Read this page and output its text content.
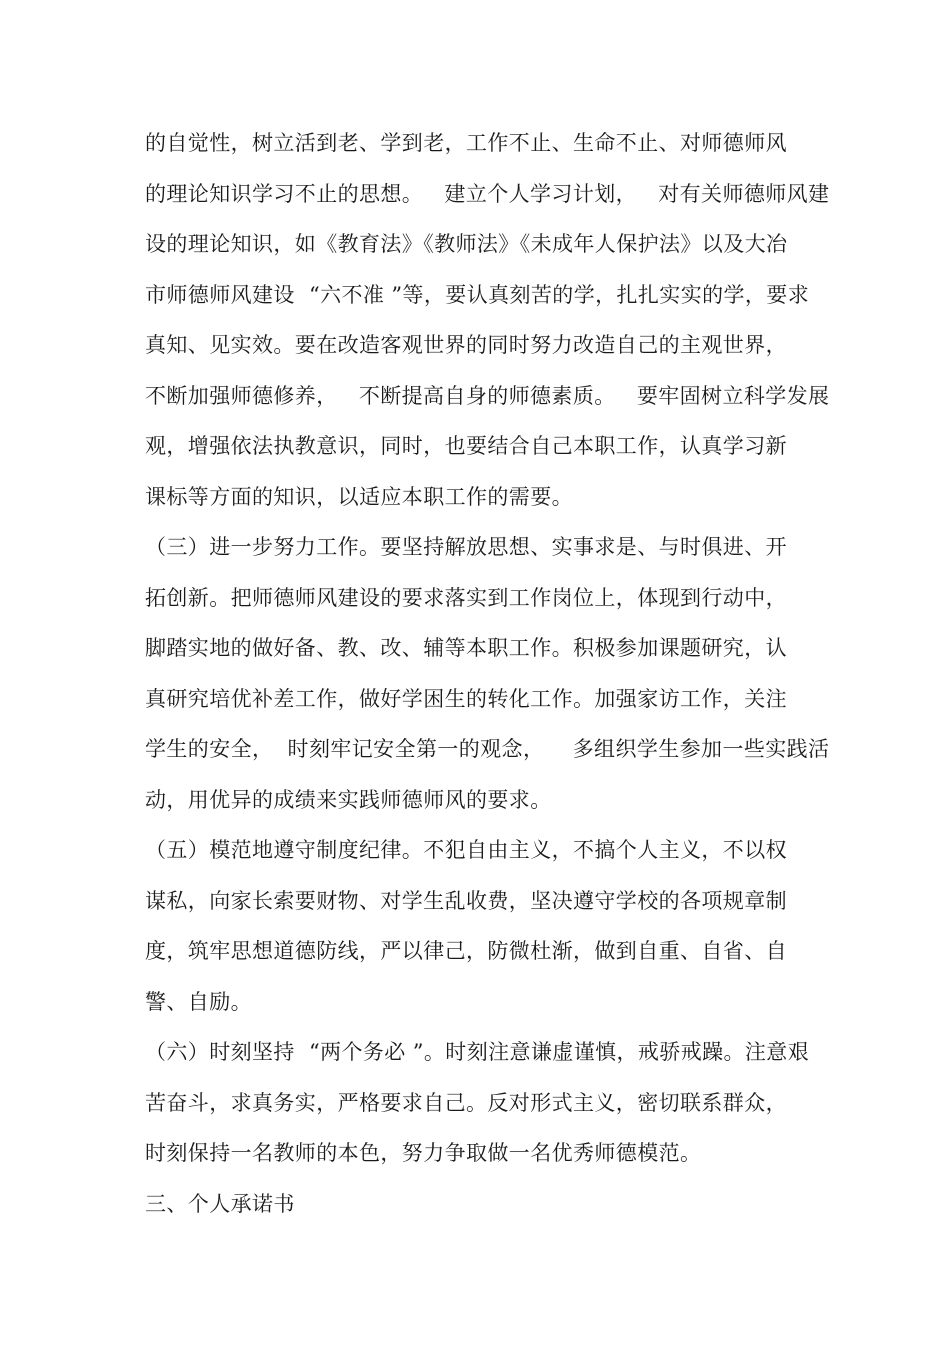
的自觉性，树立活到老、学到老，工作不止、生命不止、对师德师风
的理论知识学习不止的思想。   建立个人学习计划，   对有关师德师风建
设的理论知识，如《教育法》《教师法》《未成年人保护法》以及大冶
市师德师风建设  “六不准 ”等，要认真刻苦的学，扎扎实实的学，要求
真知、见实效。要在改造客观世界的同时努力改造自己的主观世界，
不断加强师德修养，   不断提高自身的师德素质。   要牢固树立科学发展
观，增强依法执教意识，同时，也要结合自己本职工作，认真学习新
课标等方面的知识，以适应本职工作的需要。
（三）进一步努力工作。要坚持解放思想、实事求是、与时俱进、开
拓创新。把师德师风建设的要求落实到工作岗位上，体现到行动中，
脚踏实地的做好备、教、改、辅等本职工作。积极参加课题研究，认
真研究培优补差工作，做好学困生的转化工作。加强家访工作，关注
学生的安全，  时刻牢记安全第一的观念，    多组织学生参加一些实践活
动，用优异的成绩来实践师德师风的要求。
（五）模范地遵守制度纪律。不犯自由主义，不搞个人主义，不以权
谋私，向家长索要财物、对学生乱收费，坚决遵守学校的各项规章制
度，筑牢思想道德防线，严以律己，防微杜渐，做到自重、自省、自
警、自励。
（六）时刻坚持  “两个务必 ”。时刻注意谦虚谨慎，戒骄戒躁。注意艰
苦奋斗，求真务实，严格要求自己。反对形式主义，密切联系群众，
时刻保持一名教师的本色，努力争取做一名优秀师德模范。
三、个人承诺书
